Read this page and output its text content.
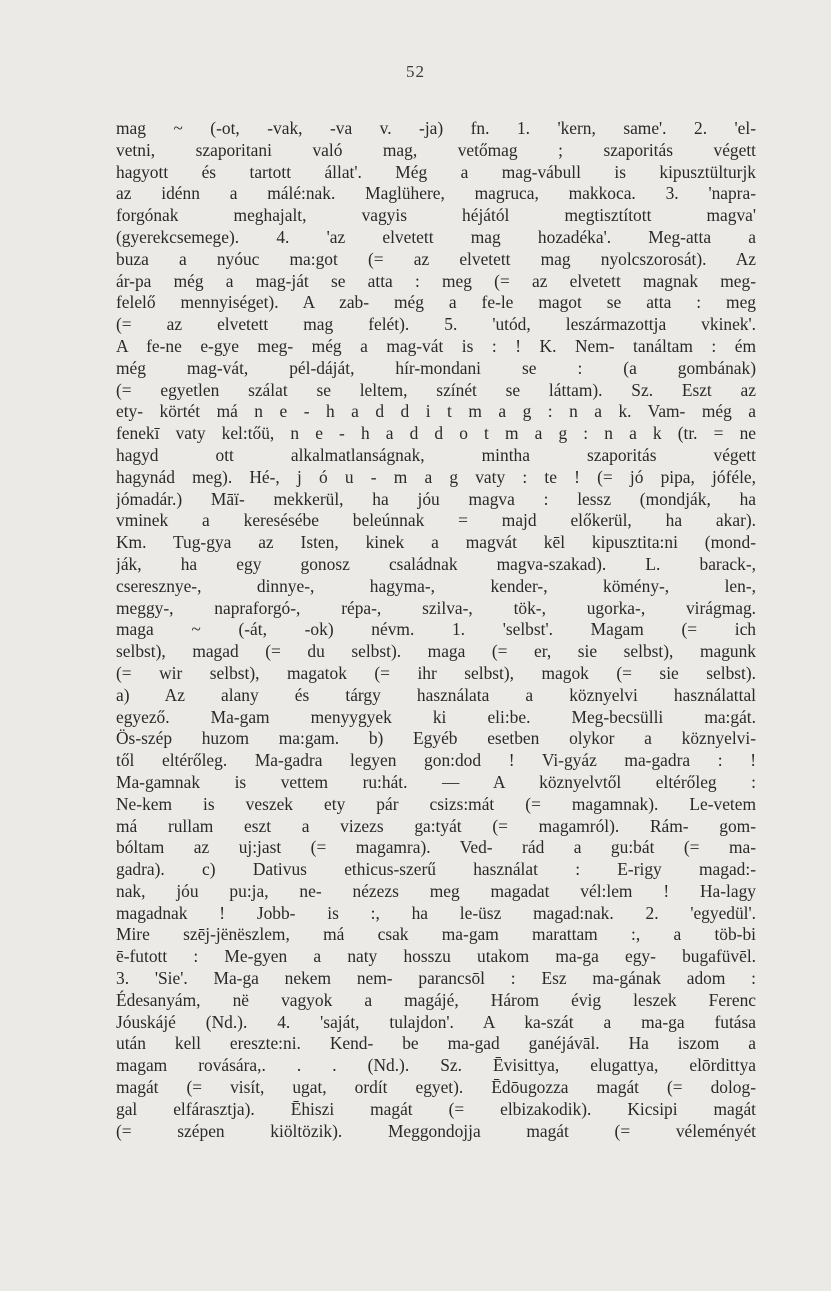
52
mag ~ (-ot, -vak, -va v. -ja) fn. 1. 'kern, same'. 2. 'el-
vetni, szaporitani való mag, vetőmag ; szaporitás végett
hagyott és tartott állat'. Még a mag-vábull is kipusztülturjk
az idénn a málé:nak. Maglühere, magruca, makkoca. 3. 'napra-
forgónak meghajalt, vagyis héjától megtisztított magva'
(gyerekcsemege). 4. 'az elvetett mag hozadéka'. Meg-atta a
buza a nyóuc ma:got (= az elvetett mag nyolcszorosát). Az
ár-pa még a mag-ját se atta : meg (= az elvetett magnak meg-
felelő mennyiséget). A zab- még a fe-le magot se atta : meg
(= az elvetett mag felét). 5. 'utód, leszármazottja vkinek'.
A fe-ne e-gye meg- még a mag-vát is : ! K. Nem- tanáltam : ém
még mag-vát, pél-dáját, hír-mondani se : (a gombának)
(= egyetlen szálat se leltem, színét se láttam). Sz. Eszt az
ety- körtét má n e - h a d d i t m a g : n a k. Vam- még a
fenekī vaty kel:tőü, n e - h a d d o t m a g : n a k (tr. = ne
hagyd ott alkalmatlanságnak, mintha szaporitás végett
hagynád meg). Hé-, j ó u - m a g vaty : te ! (= jó pipa, jóféle,
jómadár.) Māï- mekkerül, ha jóu magva : lessz (mondják, ha
vminek a keresésébe beleúnnak = majd előkerül, ha akar).
Km. Tug-gya az Isten, kinek a magvát kēl kipusztita:ni (mond-
ják, ha egy gonosz családnak magva-szakad). L. barack-,
cseresznye-, dinnye-, hagyma-, kender-, kömény-, len-,
meggy-, napraforgó-, répa-, szilva-, tök-, ugorka-, virágmag.
maga ~ (-át, -ok) névm. 1. 'selbst'. Magam (= ich
selbst), magad (= du selbst). maga (= er, sie selbst), magunk
(= wir selbst), magatok (= ihr selbst), magok (= sie selbst).
a) Az alany és tárgy használata a köznyelvi használattal
egyező. Ma-gam menyygyek ki eli:be. Meg-becsülli ma:gát.
Ös-szép huzom ma:gam. b) Egyéb esetben olykor a köznyelvi-
től eltérőleg. Ma-gadra legyen gon:dod ! Vi-gyáz ma-gadra : !
Ma-gamnak is vettem ru:hát. — A köznyelvtől eltérőleg :
Ne-kem is veszek ety pár csizs:mát (= magamnak). Le-vetem
má rullam eszt a vizezs ga:tyát (= magamról). Rám- gom-
bóltam az uj:jast (= magamra). Ved- rád a gu:bát (= ma-
gadra). c) Dativus ethicus-szerű használat : E-rigy magad:-
nak, jóu pu:ja, ne- nézezs meg magadat vél:lem ! Ha-lagy
magadnak ! Jobb- is :, ha le-üsz magad:nak. 2. 'egyedül'.
Mire szēj-jënëszlem, má csak ma-gam marattam :, a töb-bi
ē-futott : Me-gyen a naty hosszu utakom ma-ga egy- bugafüvēl.
3. 'Sie'. Ma-ga nekem nem- parancsōl : Esz ma-gának adom :
Édesanyám, në vagyok a magájé, Három évig leszek Ferenc
Jóuskájé (Nd.). 4. 'saját, tulajdon'. A ka-szát a ma-ga futása
után kell ereszte:ni. Kend- be ma-gad ganéjávāl. Ha iszom a
magam rovására,. . . (Nd.). Sz. Ēvisittya, elugattya, elōrdittya
magát (= visít, ugat, ordít egyet). Ēdōugozza magát (= dolog-
gal elfárasztja). Ēhiszi magát (= elbizakodik). Kicsipi magát
(= szépen kiöltözik). Meggondojja magát (= véleményét
